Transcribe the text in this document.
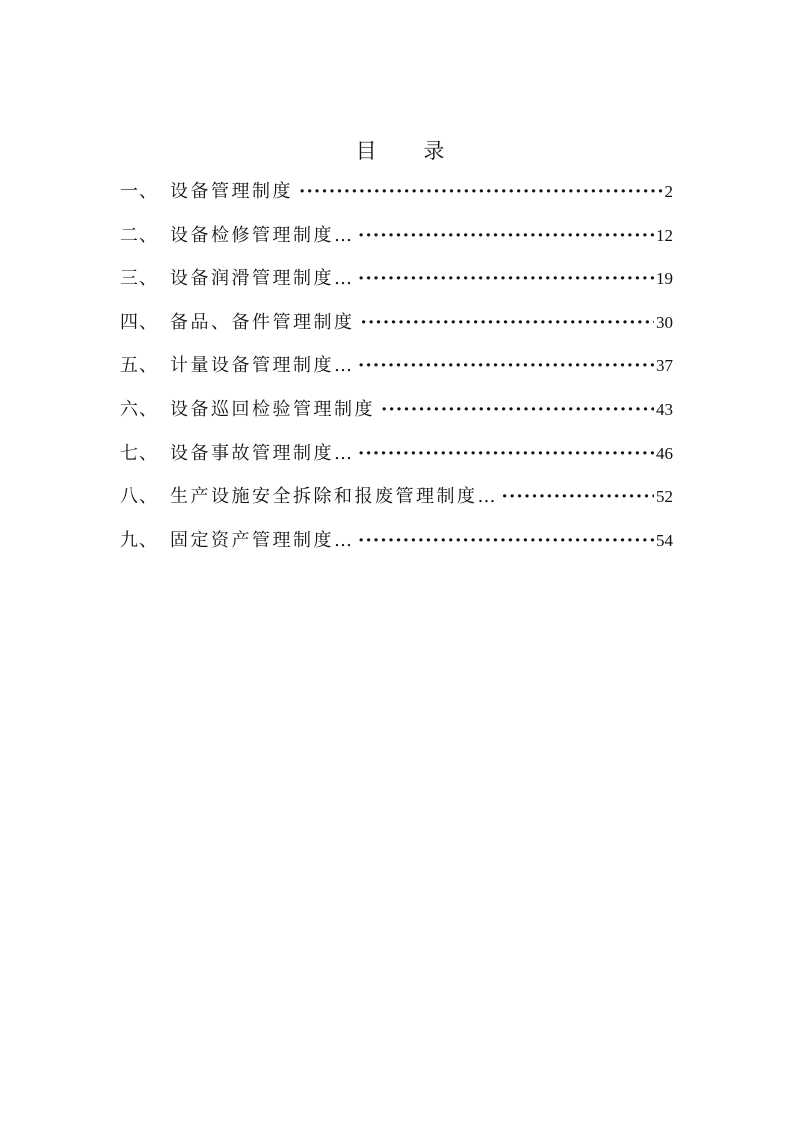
目 录
一、 设备管理制度 ·····	2
二、 设备检修管理制度 … ·····	12
三、 设备润滑管理制度 … ·····	19
四、 备品、备件管理制度 ·····	30
五、 计量设备管理制度 … ·····	37
六、 设备巡回检验管理制度 ·····	43
七、 设备事故管理制度 … ·····	46
八、 生产设施安全拆除和报废管理制度 … ·····	52
九、 固定资产管理制度 … ·····	54
